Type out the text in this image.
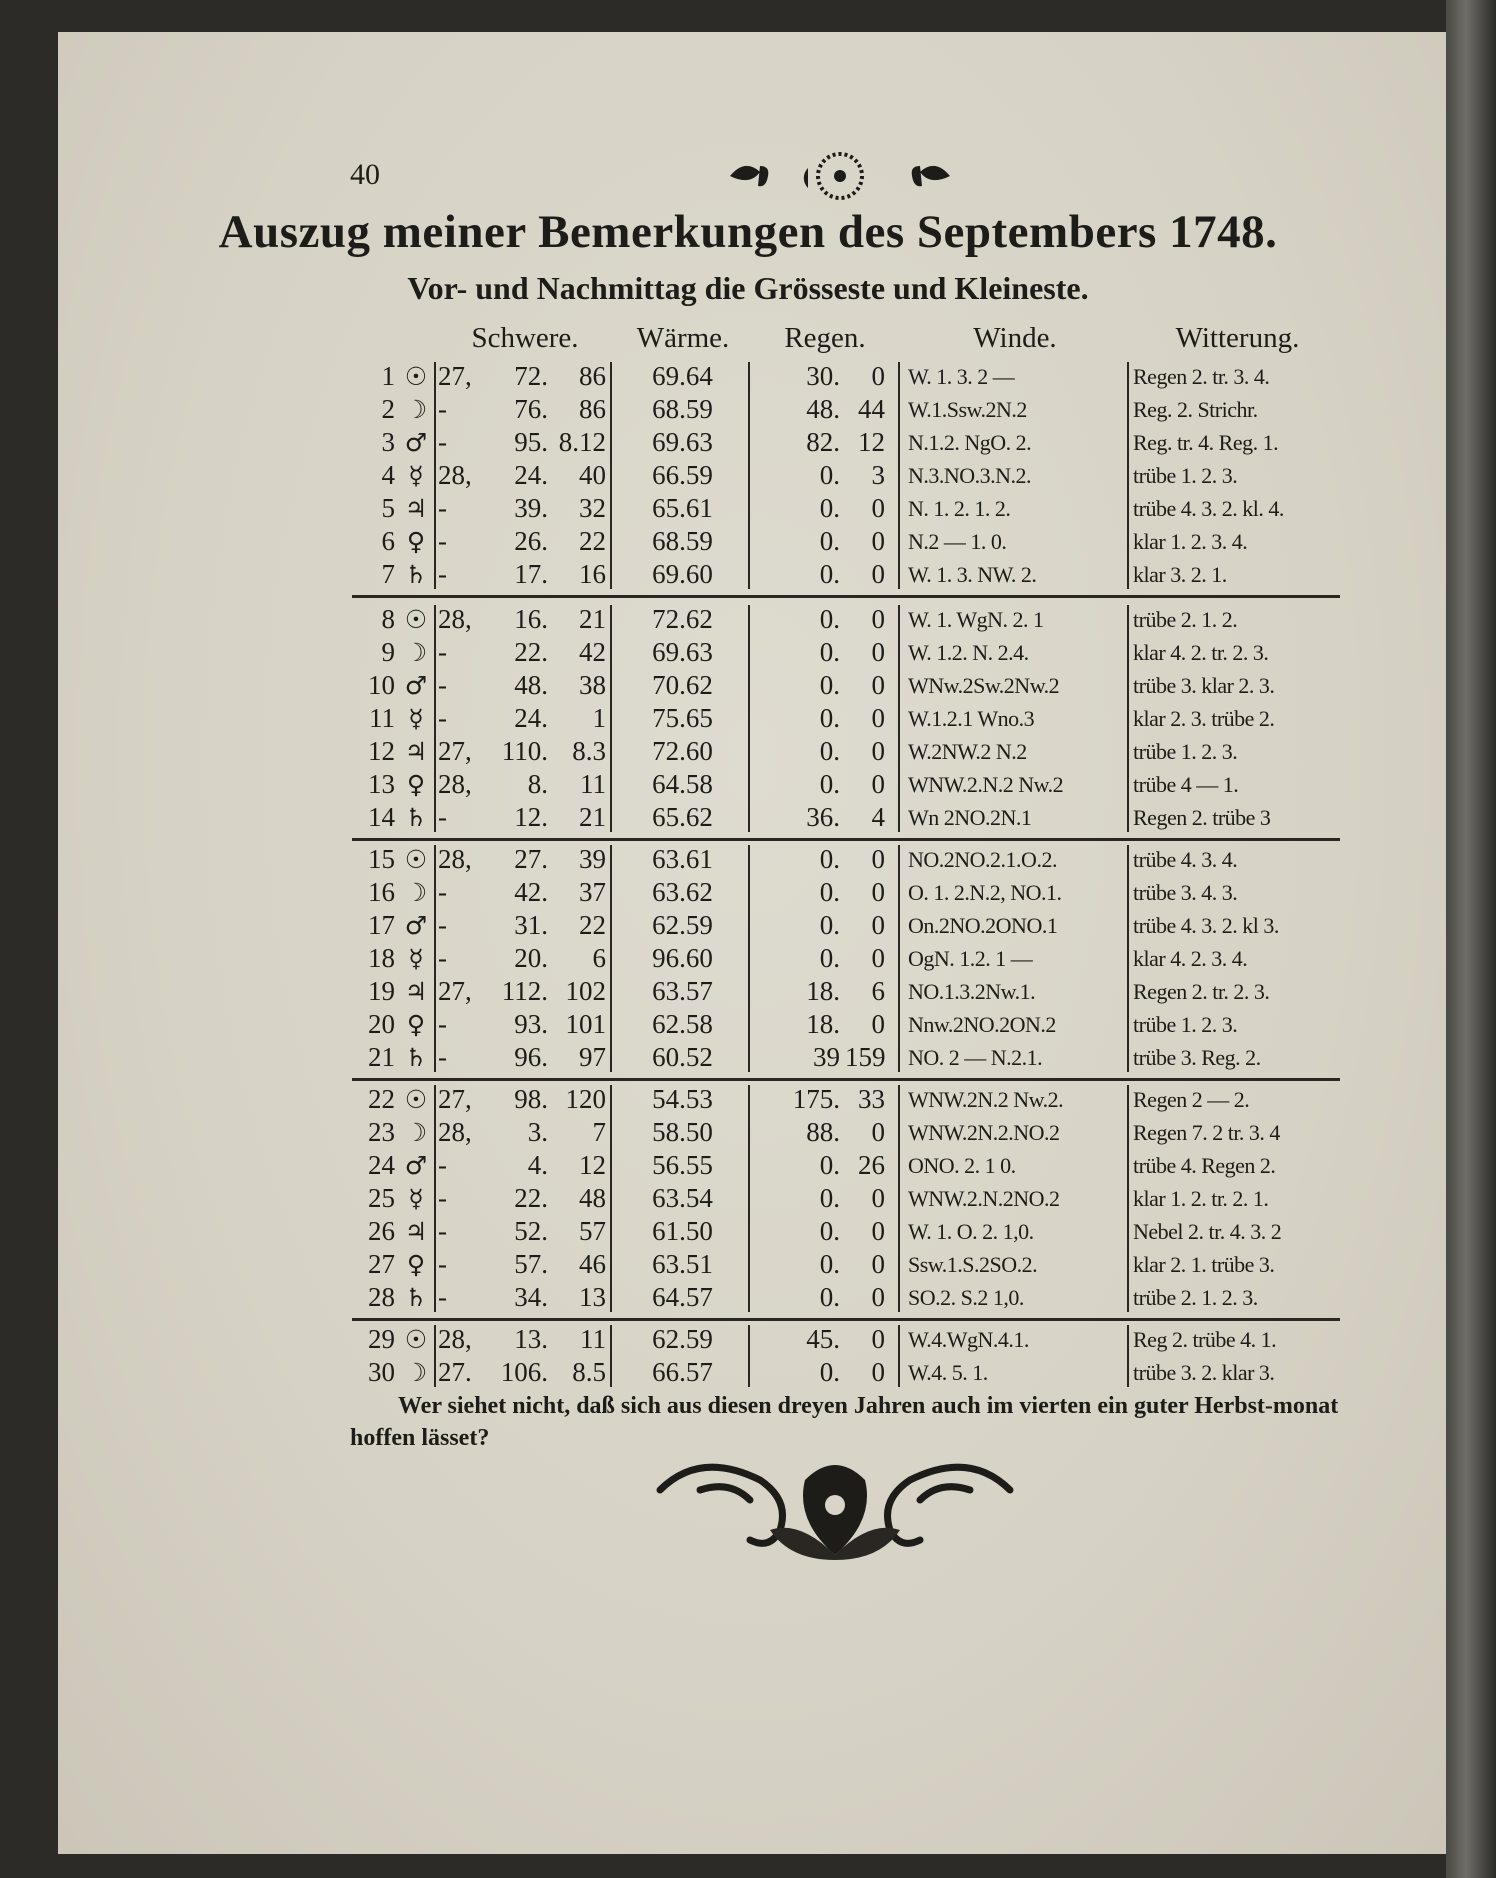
40
Auszug meiner Bemerkungen des Septembers 1748.
Vor- und Nachmittag die Grösseste und Kleineste.
Schwere.	Wärme.	Regen.	Winde.	Witterung.
1 ☉ 27,	72.	86	69.64	30.	0 W. 1. 3. 2 —	Regen 2. tr. 3. 4.
2 ☽ -	76.	86	68.59	48. 44 W.1.Ssw.2N.2	Reg. 2. Strichr.
3 ♂ -	95. 8.12	69.63	82. 12 N.1.2. NgO. 2.	Reg. tr. 4. Reg. 1.
4 ☿ 28,	24.	40	66.59	0.	3 N.3.NO.3.N.2.	trübe 1. 2. 3.
5 ♃ -	39.	32	65.61	0.	0 N. 1. 2. 1. 2.	trübe 4. 3. 2. kl. 4.
6 ♀ -	26.	22	68.59	0.	0 N.2 — 1. 0.	klar 1. 2. 3. 4.
7 ♄ -	17.	16	69.60	0.	0 W. 1. 3. NW. 2.	klar 3. 2. 1.
8 ☉ 28,	16.	21	72.62	0.	0 W. 1. WgN. 2. 1	trübe 2. 1. 2.
9 ☽ -	22.	42	69.63	0.	0 W. 1.2. N. 2.4.	klar 4. 2. tr. 2. 3.
10 ♂ -	48.	38	70.62	0.	0 WNw.2Sw.2Nw.2	trübe 3. klar 2. 3.
11 ☿ -	24.	1	75.65	0.	0 W.1.2.1 Wno.3	klar 2. 3. trübe 2.
12 ♃ 27,	110. 8.3	72.60	0.	0 W.2NW.2 N.2	trübe 1. 2. 3.
13 ♀ 28,	8.	11	64.58	0.	0 WNW.2.N.2 Nw.2	trübe 4 — 1.
14 ♄ -	12.	21	65.62	36.	4 Wn 2NO.2N.1	Regen 2. trübe 3
15 ☉ 28,	27.	39	63.61	0.	0 NO.2NO.2.1.O.2.	trübe 4. 3. 4.
16 ☽ -	42.	37	63.62	0.	0 O. 1. 2.N.2, NO.1.	trübe 3. 4. 3.
17 ♂ -	31.	22	62.59	0.	0 On.2NO.2ONO.1	trübe 4. 3. 2. kl 3.
18 ☿ -	20.	6	96.60	0.	0 OgN. 1.2. 1 —	klar 4. 2. 3. 4.
19 ♃ 27,	112. 102	63.57	18.	6 NO.1.3.2Nw.1.	Regen 2. tr. 2. 3.
20 ♀ -	93. 101	62.58	18.	0 Nnw.2NO.2ON.2	trübe 1. 2. 3.
21 ♄ -	96.	97	60.52	39 159 NO. 2 — N.2.1.	trübe 3. Reg. 2.
22 ☉ 27,	98. 120	54.53	175. 33 WNW.2N.2 Nw.2.	Regen 2 — 2.
23 ☽ 28,	3.	7	58.50	88.	0 WNW.2N.2.NO.2	Regen 7. 2 tr. 3. 4
24 ♂ -	4.	12	56.55	0. 26 ONO. 2. 1 0.	trübe 4. Regen 2.
25 ☿ -	22.	48	63.54	0.	0 WNW.2.N.2NO.2	klar 1. 2. tr. 2. 1.
26 ♃ -	52.	57	61.50	0.	0 W. 1. O. 2. 1,0.	Nebel 2. tr. 4. 3. 2
27 ♀ -	57.	46	63.51	0.	0 Ssw.1.S.2SO.2.	klar 2. 1. trübe 3.
28 ♄ -	34.	13	64.57	0.	0 SO.2. S.2 1,0.	trübe 2. 1. 2. 3.
29 ☉ 28,	13.	11	62.59	45.	0 W.4.WgN.4.1.	Reg 2. trübe 4. 1.
30 ☽ 27.	106. 8.5	66.57	0.	0 W.4. 5. 1.	trübe 3. 2. klar 3.
Wer siehet nicht, daß sich aus diesen dreyen Jahren auch im vierten ein guter Herbst-monat hoffen lässet?
